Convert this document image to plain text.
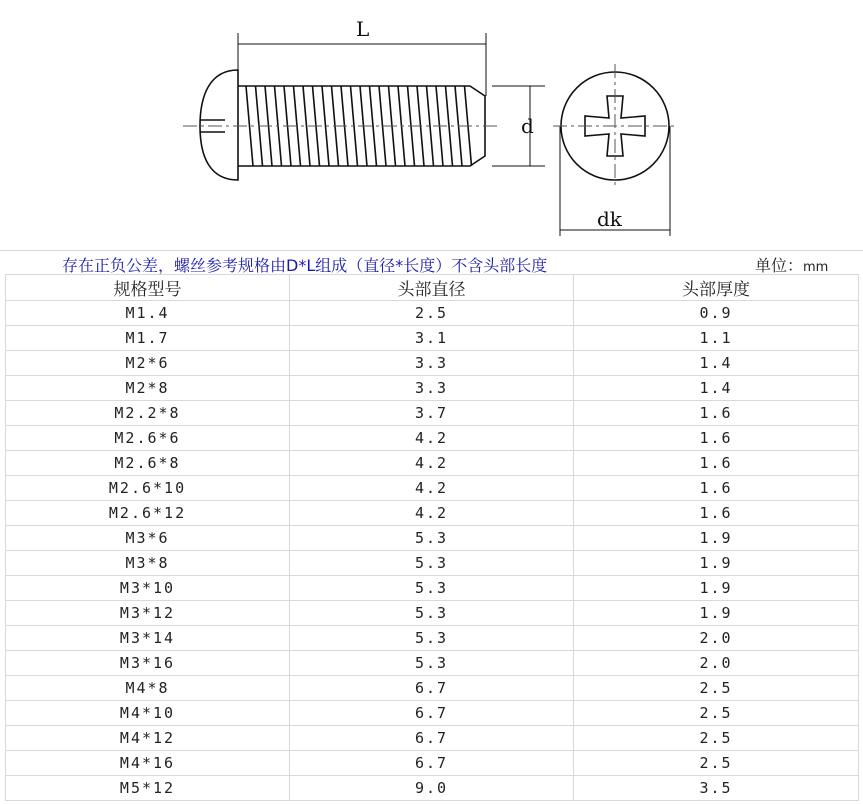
L
d
dk
存在正负公差，螺丝参考规格由D*L组成（直径*长度）不含头部长度	单位：mm
规格型号	头部直径	头部厚度
M1.4	2.5	0.9
M1.7	3.1	1.1
M2*6	3.3	1.4
M2*8	3.3	1.4
M2.2*8	3.7	1.6
M2.6*6	4.2	1.6
M2.6*8	4.2	1.6
M2.6*10	4.2	1.6
M2.6*12	4.2	1.6
M3*6	5.3	1.9
M3*8	5.3	1.9
M3*10	5.3	1.9
M3*12	5.3	1.9
M3*14	5.3	2.0
M3*16	5.3	2.0
M4*8	6.7	2.5
M4*10	6.7	2.5
M4*12	6.7	2.5
M4*16	6.7	2.5
M5*12	9.0	3.5
